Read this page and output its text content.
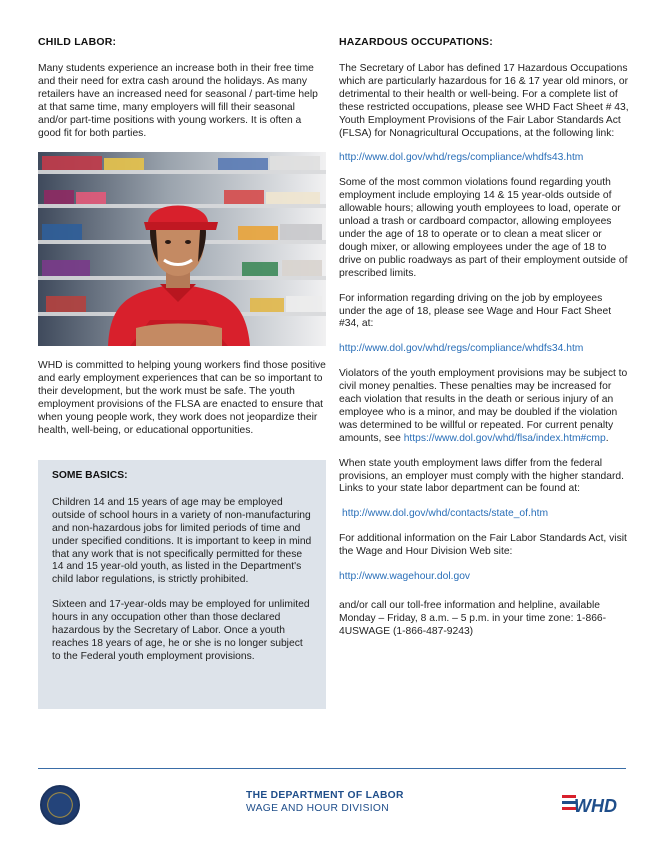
CHILD LABOR:

Many students experience an increase both in their free time and their need for extra cash around the holidays. As many retailers have an increased need for seasonal / part-time help at that same time, many employers will fill their seasonal and/or part-time positions with young workers. It is often a good fit for both parties.

WHD is committed to helping young workers find those positive and early employment experiences that can be so important to their development, but the work must be safe. The youth employment provisions of the FLSA are enacted to ensure that when young people work, they work does not jeopardize their health, well-being, or educational opportunities.

SOME BASICS:

Children 14 and 15 years of age may be employed outside of school hours in a variety of non-manufacturing and non-hazardous jobs for limited periods of time and under specified conditions. It is important to keep in mind that any work that is not specifically permitted for these 14 and 15 year-old youth, as listed in the Department's child labor regulations, is strictly prohibited.

Sixteen and 17-year-olds may be employed for unlimited hours in any occupation other than those declared hazardous by the Secretary of Labor. Once a youth reaches 18 years of age, he or she is no longer subject to the Federal youth employment provisions.

HAZARDOUS OCCUPATIONS:

The Secretary of Labor has defined 17 Hazardous Occupations which are particularly hazardous for 16 & 17 year old minors, or detrimental to their health or well-being. For a complete list of these restricted occupations, please see WHD Fact Sheet # 43, Youth Employment Provisions of the Fair Labor Standards Act (FLSA) for Nonagricultural Occupations, at the following link:

http://www.dol.gov/whd/regs/compliance/whdfs43.htm

Some of the most common violations found regarding youth employment include employing 14 & 15 year-olds outside of allowable hours; allowing youth employees to load, operate or unload a trash or cardboard compactor, allowing employees under the age of 18 to operate or to clean a meat slicer or dough mixer, or allowing employees under the age of 18 to drive on public roadways as part of their employment outside of prescribed limits.

For information regarding driving on the job by employees under the age of 18, please see Wage and Hour Fact Sheet #34, at:

http://www.dol.gov/whd/regs/compliance/whdfs34.htm

Violators of the youth employment provisions may be subject to civil money penalties. These penalties may be increased for each violation that results in the death or serious injury of an employee who is a minor, and may be doubled if the violation was determined to be willful or repeated. For current penalty amounts, see https://www.dol.gov/whd/flsa/index.htm#cmp.

When state youth employment laws differ from the federal provisions, an employer must comply with the higher standard. Links to your state labor department can be found at:

http://www.dol.gov/whd/contacts/state_of.htm

For additional information on the Fair Labor Standards Act, visit the Wage and Hour Division Web site:

http://www.wagehour.dol.gov

and/or call our toll-free information and helpline, available Monday – Friday, 8 a.m. – 5 p.m. in your time zone: 1-866-4USWAGE (1-866-487-9243)

THE DEPARTMENT OF LABOR
WAGE AND HOUR DIVISION	WHD
